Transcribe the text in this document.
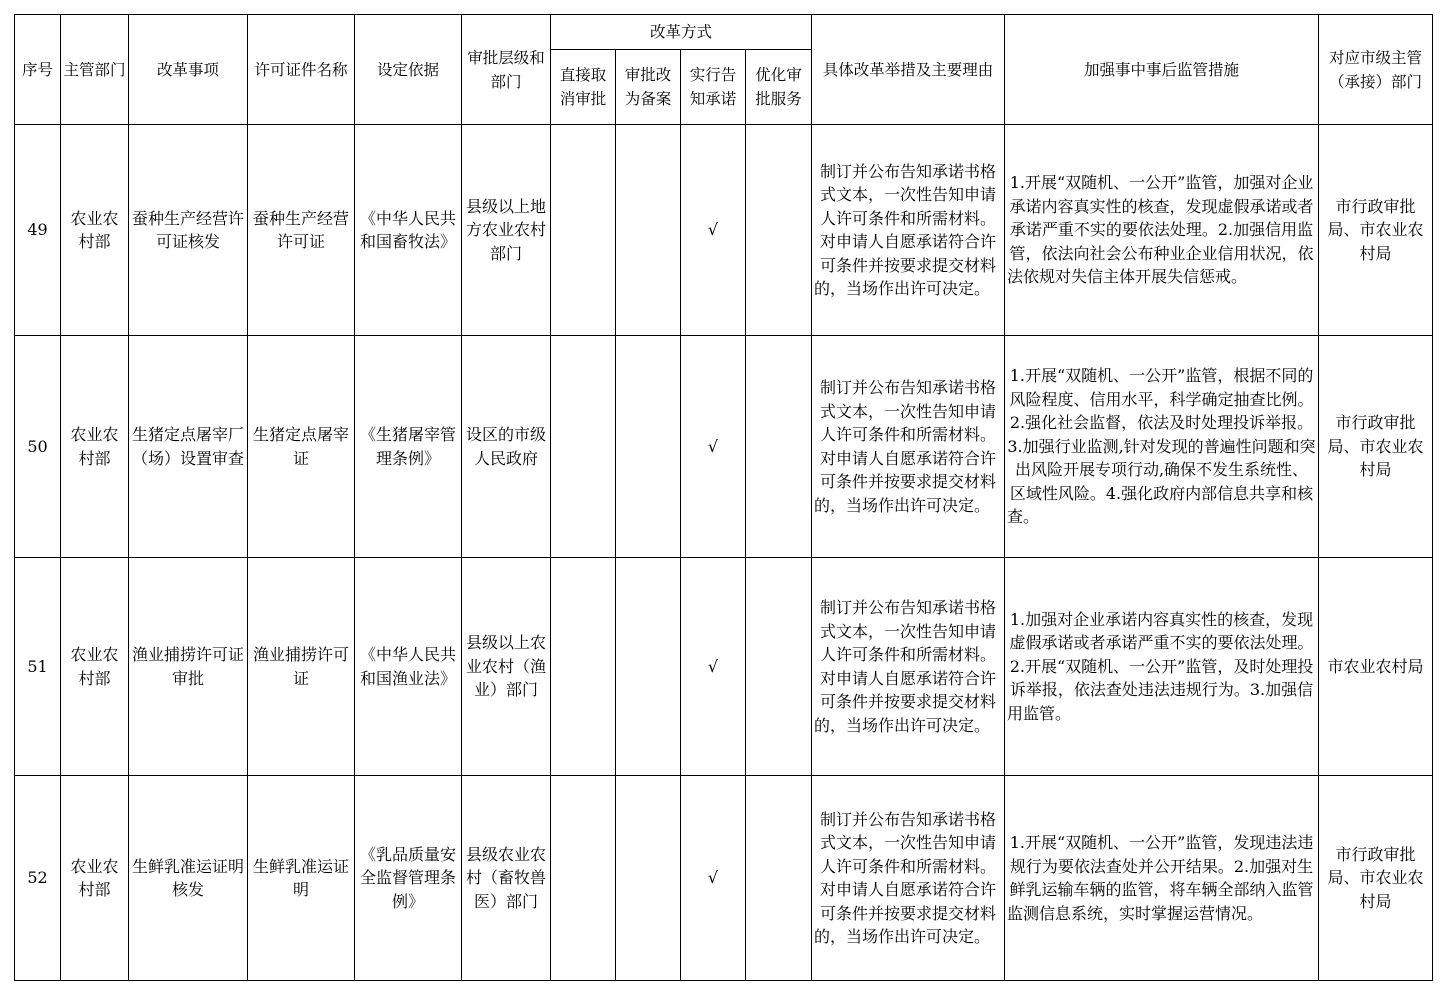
序号	主管部门	改革事项	许可证件名称	设定依据	审批层级和部门	改革方式				具体改革举措及主要理由	加强事中事后监管措施	对应市级主管（承接）部门
						直接取消审批	审批改为备案	实行告知承诺	优化审批服务			
49	农业农村部	蚕种生产经营许可证核发	蚕种生产经营许可证	《中华人民共和国畜牧法》	县级以上地方农业农村部门			√		制订并公布告知承诺书格式文本，一次性告知申请人许可条件和所需材料。对申请人自愿承诺符合许可条件并按要求提交材料的，当场作出许可决定。	1.开展“双随机、一公开”监管，加强对企业承诺内容真实性的核查，发现虚假承诺或者承诺严重不实的要依法处理。2.加强信用监管，依法向社会公布种业企业信用状况，依法依规对失信主体开展失信惩戒。	市行政审批局、市农业农村局
50	农业农村部	生猪定点屠宰厂（场）设置审查	生猪定点屠宰证	《生猪屠宰管理条例》	设区的市级人民政府			√		制订并公布告知承诺书格式文本，一次性告知申请人许可条件和所需材料。对申请人自愿承诺符合许可条件并按要求提交材料的，当场作出许可决定。	1.开展“双随机、一公开”监管，根据不同的风险程度、信用水平，科学确定抽查比例。2.强化社会监督，依法及时处理投诉举报。3.加强行业监测,针对发现的普遍性问题和突出风险开展专项行动,确保不发生系统性、区域性风险。4.强化政府内部信息共享和核查。	市行政审批局、市农业农村局
51	农业农村部	渔业捕捞许可证审批	渔业捕捞许可证	《中华人民共和国渔业法》	县级以上农业农村（渔业）部门			√		制订并公布告知承诺书格式文本，一次性告知申请人许可条件和所需材料。对申请人自愿承诺符合许可条件并按要求提交材料的，当场作出许可决定。	1.加强对企业承诺内容真实性的核查，发现虚假承诺或者承诺严重不实的要依法处理。2.开展“双随机、一公开”监管，及时处理投诉举报，依法查处违法违规行为。3.加强信用监管。	市农业农村局
52	农业农村部	生鲜乳准运证明核发	生鲜乳准运证明	《乳品质量安全监督管理条例》	县级农业农村（畜牧兽医）部门			√		制订并公布告知承诺书格式文本，一次性告知申请人许可条件和所需材料。对申请人自愿承诺符合许可条件并按要求提交材料的，当场作出许可决定。	1.开展“双随机、一公开”监管，发现违法违规行为要依法查处并公开结果。2.加强对生鲜乳运输车辆的监管，将车辆全部纳入监管监测信息系统，实时掌握运营情况。	市行政审批局、市农业农村局
